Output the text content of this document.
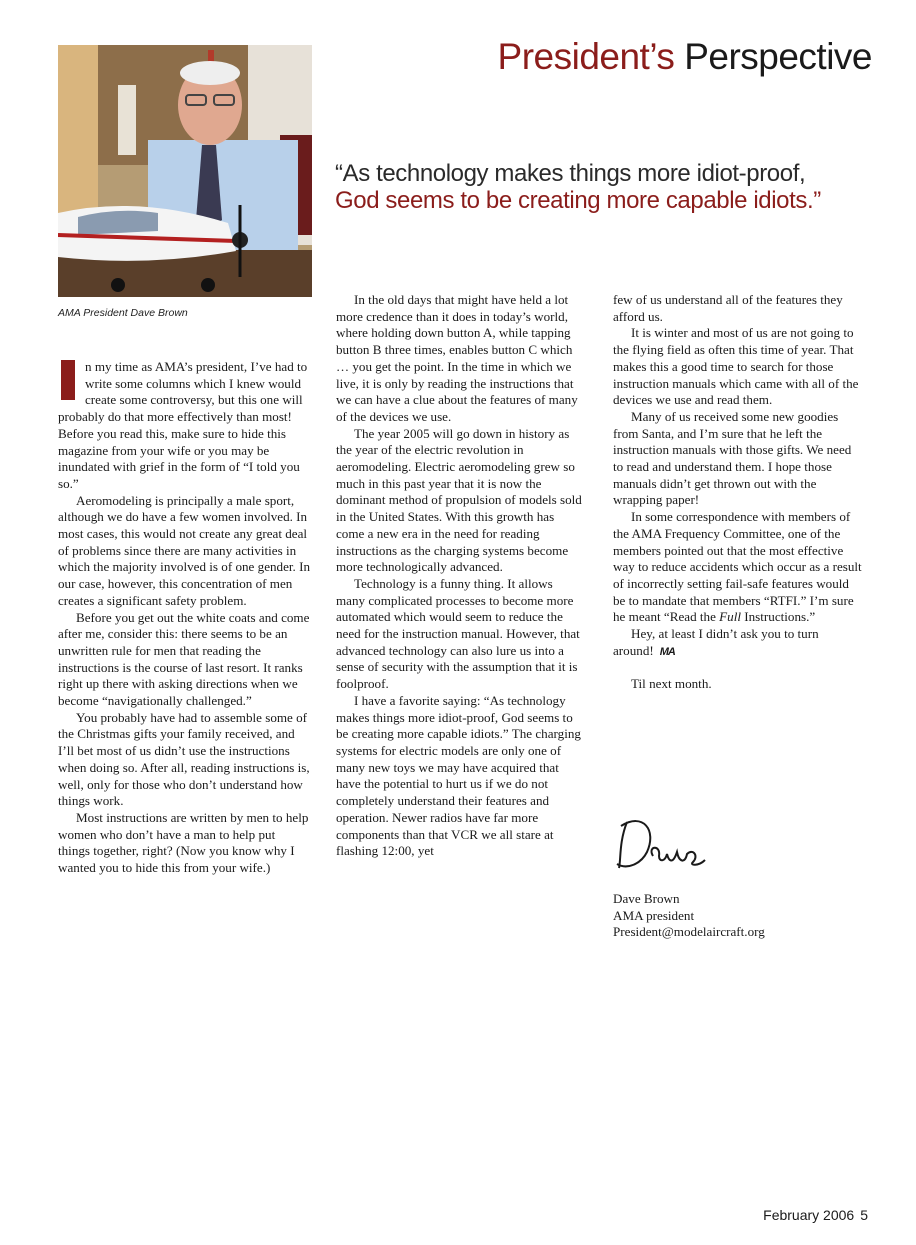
President’s Perspective
AMA President Dave Brown
“As technology makes things more idiot-proof,
God seems to be creating more capable idiots.”

n my time as AMA’s president, I’ve had to write some columns which I knew would create some controversy, but this one will probably do that more effectively than most! Before you read this, make sure to hide this magazine from your wife or you may be inundated with grief in the form of “I told you so.”

Aeromodeling is principally a male sport, although we do have a few women involved. In most cases, this would not create any great deal of problems since there are many activities in which the majority involved is of one gender. In our case, however, this concentration of men creates a significant safety problem.

Before you get out the white coats and come after me, consider this: there seems to be an unwritten rule for men that reading the instructions is the course of last resort. It ranks right up there with asking directions when we become “navigationally challenged.”

You probably have had to assemble some of the Christmas gifts your family received, and I’ll bet most of us didn’t use the instructions when doing so. After all, reading instructions is, well, only for those who don’t understand how things work.

Most instructions are written by men to help women who don’t have a man to help put things together, right? (Now you know why I wanted you to hide this from your wife.)

In the old days that might have held a lot more credence than it does in today’s world, where holding down button A, while tapping button B three times, enables button C which … you get the point. In the time in which we live, it is only by reading the instructions that we can have a clue about the features of many of the devices we use.

The year 2005 will go down in history as the year of the electric revolution in aeromodeling. Electric aeromodeling grew so much in this past year that it is now the dominant method of propulsion of models sold in the United States. With this growth has come a new era in the need for reading instructions as the charging systems become more technologically advanced.

Technology is a funny thing. It allows many complicated processes to become more automated which would seem to reduce the need for the instruction manual. However, that advanced technology can also lure us into a sense of security with the assumption that it is foolproof.

I have a favorite saying: “As technology makes things more idiot-proof, God seems to be creating more capable idiots.” The charging systems for electric models are only one of many new toys we may have acquired that have the potential to hurt us if we do not completely understand their features and operation. Newer radios have far more components than that VCR we all stare at flashing 12:00, yet

few of us understand all of the features they afford us.

It is winter and most of us are not going to the flying field as often this time of year. That makes this a good time to search for those instruction manuals which came with all of the devices we use and read them.

Many of us received some new goodies from Santa, and I’m sure that he left the instruction manuals with those gifts. We need to read and understand them. I hope those manuals didn’t get thrown out with the wrapping paper!

In some correspondence with members of the AMA Frequency Committee, one of the members pointed out that the most effective way to reduce accidents which occur as a result of incorrectly setting fail-safe features would be to mandate that members “RTFI.” I’m sure he meant “Read the Full Instructions.”

Hey, at least I didn’t ask you to turn around! MA

Til next month.

Dave Brown
AMA president
President@modelaircraft.org
February 2006 5
